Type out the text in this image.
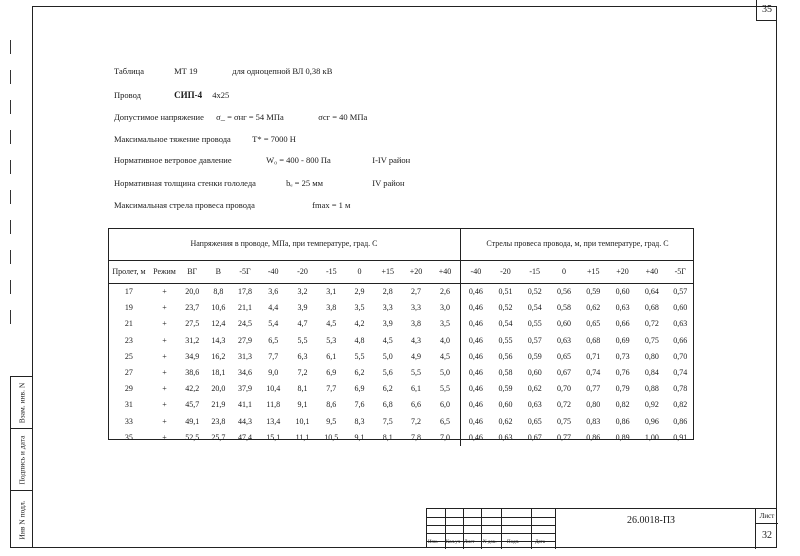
35
Взам. инв. N
Подпись и дата
Инв N подл.
Таблица	МТ 19	для одноцепной ВЛ 0,38 кВ
Провод	СИП-4 4х25
Допустимое напряжение σ_ = σнг = 54 МПа	σсг = 40 МПа
Максимальное тяжение провода	Т* = 7000 Н
Нормативное ветровое давление	W₀ = 400 - 800 Па	I-IV район
Нормативная толщина стенки гололеда	bₑ = 25 мм	IV район
Максимальная стрела провеса провода	fmax = 1 м
Напряжения в проводе, МПа, при температуре, град. С												Стрелы провеса провода, м, при температуре, град. С							
Пролет, м	Режим	ВГ	В	-5Г	-40	-20	-15	0	+15	+20	+40	-40	-20	-15	0	+15	+20	+40	-5Г
17	+	20,0	8,8	17,8	3,6	3,2	3,1	2,9	2,8	2,7	2,6	0,46	0,51	0,52	0,56	0,59	0,60	0,64	0,57
19	+	23,7	10,6	21,1	4,4	3,9	3,8	3,5	3,3	3,3	3,0	0,46	0,52	0,54	0,58	0,62	0,63	0,68	0,60
21	+	27,5	12,4	24,5	5,4	4,7	4,5	4,2	3,9	3,8	3,5	0,46	0,54	0,55	0,60	0,65	0,66	0,72	0,63
23	+	31,2	14,3	27,9	6,5	5,5	5,3	4,8	4,5	4,3	4,0	0,46	0,55	0,57	0,63	0,68	0,69	0,75	0,66
25	+	34,9	16,2	31,3	7,7	6,3	6,1	5,5	5,0	4,9	4,5	0,46	0,56	0,59	0,65	0,71	0,73	0,80	0,70
27	+	38,6	18,1	34,6	9,0	7,2	6,9	6,2	5,6	5,5	5,0	0,46	0,58	0,60	0,67	0,74	0,76	0,84	0,74
29	+	42,2	20,0	37,9	10,4	8,1	7,7	6,9	6,2	6,1	5,5	0,46	0,59	0,62	0,70	0,77	0,79	0,88	0,78
31	+	45,7	21,9	41,1	11,8	9,1	8,6	7,6	6,8	6,6	6,0	0,46	0,60	0,63	0,72	0,80	0,82	0,92	0,82
33	+	49,1	23,8	44,3	13,4	10,1	9,5	8,3	7,5	7,2	6,5	0,46	0,62	0,65	0,75	0,83	0,86	0,96	0,86
35	+	52,5	25,7	47,4	15,1	11,1	10,5	9,1	8,1	7,8	7,0	0,46	0,63	0,67	0,77	0,86	0,89	1,00	0,91
Изм. Кол.уч Лист N док. Подп.	Дата
26.0018-ПЗ	Лист
32
